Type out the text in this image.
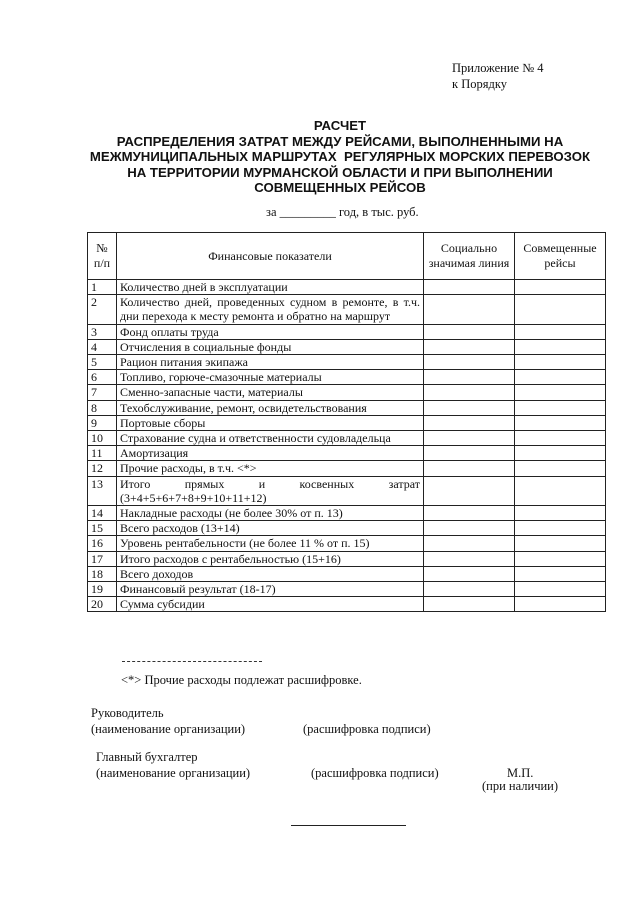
Приложение № 4
к Порядку
РАСЧЕТ
РАСПРЕДЕЛЕНИЯ ЗАТРАТ МЕЖДУ РЕЙСАМИ, ВЫПОЛНЕННЫМИ НА
МЕЖМУНИЦИПАЛЬНЫХ МАРШРУТАХ  РЕГУЛЯРНЫХ МОРСКИХ ПЕРЕВОЗОК
НА ТЕРРИТОРИИ МУРМАНСКОЙ ОБЛАСТИ И ПРИ ВЫПОЛНЕНИИ
СОВМЕЩЕННЫХ РЕЙСОВ
за _________ год, в тыс. руб.
№ п/п	Финансовые показатели	Социально значимая линия	Совмещенные рейсы
1	Количество дней в эксплуатации		
2	Количество дней, проведенных судном в ремонте, в т.ч. дни перехода к месту ремонта и обратно на маршрут		
3	Фонд оплаты труда		
4	Отчисления в социальные фонды		
5	Рацион питания экипажа		
6	Топливо, горюче-смазочные материалы		
7	Сменно-запасные части, материалы		
8	Техобслуживание, ремонт, освидетельствования		
9	Портовые сборы		
10	Страхование судна и ответственности судовладельца		
11	Амортизация		
12	Прочие расходы, в т.ч. <*>		
13	Итого прямых и косвенных затрат (3+4+5+6+7+8+9+10+11+12)		
14	Накладные расходы (не более 30% от п. 13)		
15	Всего расходов (13+14)		
16	Уровень рентабельности (не более 11 % от п. 15)		
17	Итого расходов с рентабельностью (15+16)		
18	Всего доходов		
19	Финансовый результат (18-17)		
20	Сумма субсидии		
<*> Прочие расходы подлежат расшифровке.
Руководитель
(наименование организации)	(расшифровка подписи)
Главный бухгалтер
(наименование организации)	(расшифровка подписи)	М.П.
(при наличии)
